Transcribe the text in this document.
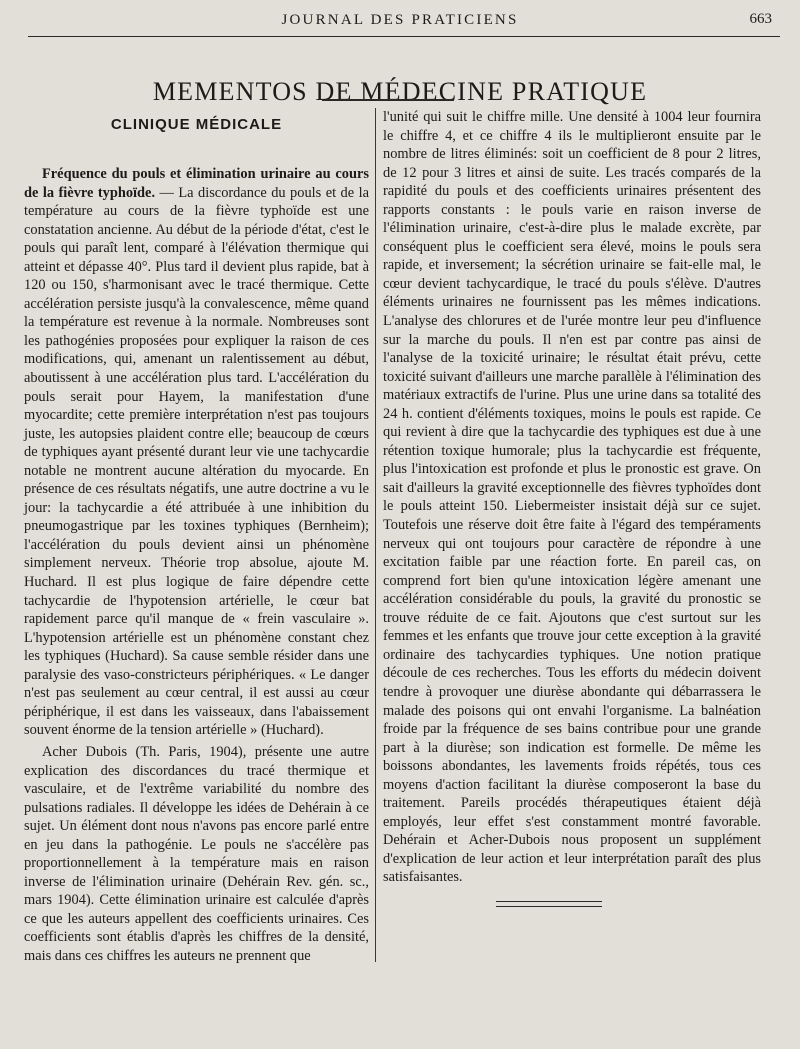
JOURNAL DES PRATICIENS	663
MEMENTOS DE MÉDECINE PRATIQUE
CLINIQUE MÉDICALE

Fréquence du pouls et élimination urinaire au cours de la fièvre typhoïde. — La discordance du pouls et de la température au cours de la fièvre typhoïde est une constatation ancienne. Au début de la période d'état, c'est le pouls qui paraît lent, comparé à l'élévation thermique qui atteint et dépasse 40°. Plus tard il devient plus rapide, bat à 120 ou 150, s'harmonisant avec le tracé thermique. Cette accélération persiste jusqu'à la convalescence, même quand la température est revenue à la normale. Nombreuses sont les pathogénies proposées pour expliquer la raison de ces modifications, qui, amenant un ralentissement au début, aboutissent à une accélération plus tard. L'accélération du pouls serait pour Hayem, la manifestation d'une myocardite; cette première interprétation n'est pas toujours juste, les autopsies plaident contre elle; beaucoup de cœurs de typhiques ayant présenté durant leur vie une tachycardie notable ne montrent aucune altération du myocarde. En présence de ces résultats négatifs, une autre doctrine a vu le jour: la tachycardie a été attribuée à une inhibition du pneumogastrique par les toxines typhiques (Bernheim); l'accélération du pouls devient ainsi un phénomène simplement nerveux. Théorie trop absolue, ajoute M. Huchard. Il est plus logique de faire dépendre cette tachycardie de l'hypotension artérielle, le cœur bat rapidement parce qu'il manque de « frein vasculaire ». L'hypotension artérielle est un phénomène constant chez les typhiques (Huchard). Sa cause semble résider dans une paralysie des vaso-constricteurs périphériques. « Le danger n'est pas seulement au cœur central, il est aussi au cœur périphérique, il est dans les vaisseaux, dans l'abaissement souvent énorme de la tension artérielle » (Huchard).

Acher Dubois (Th. Paris, 1904), présente une autre explication des discordances du tracé thermique et vasculaire, et de l'extrême variabilité du nombre des pulsations radiales. Il développe les idées de Dehérain à ce sujet. Un élément dont nous n'avons pas encore parlé entre en jeu dans la pathogénie. Le pouls ne s'accélère pas proportionnellement à la température mais en raison inverse de l'élimination urinaire (Dehérain Rev. gén. sc., mars 1904). Cette élimination urinaire est calculée d'après ce que les auteurs appellent des coefficients urinaires. Ces coefficients sont établis d'après les chiffres de la densité, mais dans ces chiffres les auteurs ne prennent que

l'unité qui suit le chiffre mille. Une densité à 1004 leur fournira le chiffre 4, et ce chiffre 4 ils le multiplieront ensuite par le nombre de litres éliminés: soit un coefficient de 8 pour 2 litres, de 12 pour 3 litres et ainsi de suite. Les tracés comparés de la rapidité du pouls et des coefficients urinaires présentent des rapports constants : le pouls varie en raison inverse de l'élimination urinaire, c'est-à-dire plus le malade excrète, par conséquent plus le coefficient sera élevé, moins le pouls sera rapide, et inversement; la sécrétion urinaire se fait-elle mal, le cœur devient tachycardique, le tracé du pouls s'élève. D'autres éléments urinaires ne fournissent pas les mêmes indications. L'analyse des chlorures et de l'urée montre leur peu d'influence sur la marche du pouls. Il n'en est par contre pas ainsi de l'analyse de la toxicité urinaire; le résultat était prévu, cette toxicité suivant d'ailleurs une marche parallèle à l'élimination des matériaux extractifs de l'urine. Plus une urine dans sa totalité des 24 h. contient d'éléments toxiques, moins le pouls est rapide. Ce qui revient à dire que la tachycardie des typhiques est due à une rétention toxique humorale; plus la tachycardie est fréquente, plus l'intoxication est profonde et plus le pronostic est grave. On sait d'ailleurs la gravité exceptionnelle des fièvres typhoïdes dont le pouls atteint 150. Liebermeister insistait déjà sur ce sujet. Toutefois une réserve doit être faite à l'égard des tempéraments nerveux qui ont toujours pour caractère de répondre à une excitation faible par une réaction forte. En pareil cas, on comprend fort bien qu'une intoxication légère amenant une accélération considérable du pouls, la gravité du pronostic se trouve réduite de ce fait. Ajoutons que c'est surtout sur les femmes et les enfants que trouve jour cette exception à la gravité ordinaire des tachycardies typhiques. Une notion pratique découle de ces recherches. Tous les efforts du médecin doivent tendre à provoquer une diurèse abondante qui débarrassera le malade des poisons qui ont envahi l'organisme. La balnéation froide par la fréquence de ses bains contribue pour une grande part à la diurèse; son indication est formelle. De même les boissons abondantes, les lavements froids répétés, tous ces moyens d'action facilitant la diurèse composeront la base du traitement. Pareils procédés thérapeutiques étaient déjà employés, leur effet s'est constamment montré favorable. Dehérain et Acher-Dubois nous proposent un supplément d'explication de leur action et leur interprétation paraît des plus satisfaisantes.
